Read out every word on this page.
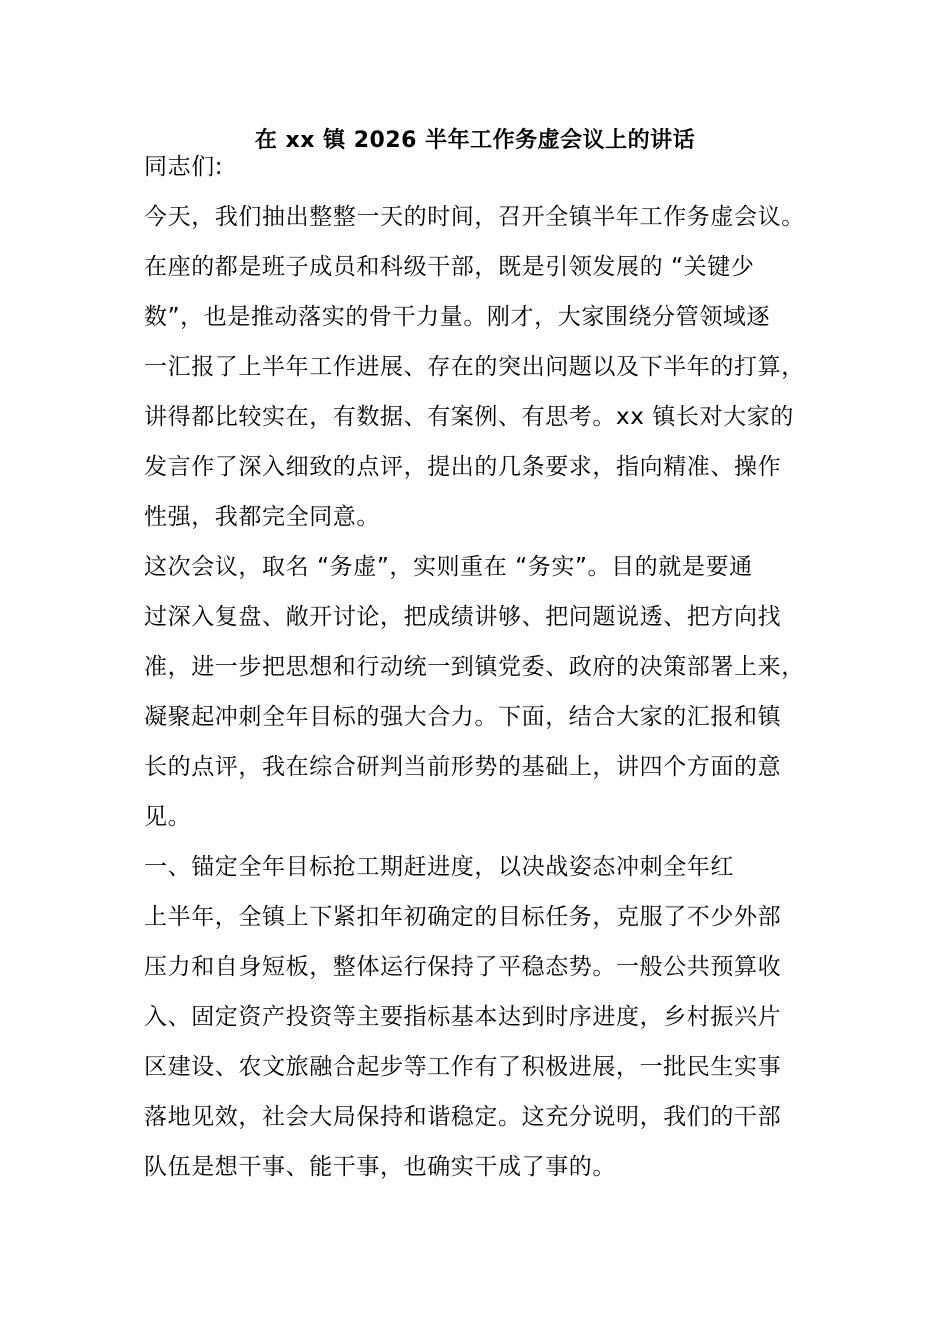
在 xx 镇 2026 半年工作务虚会议上的讲话
同志们:
今天，我们抽出整整一天的时间，召开全镇半年工作务虚会议。
在座的都是班子成员和科级干部，既是引领发展的 “关键少
数”，也是推动落实的骨干力量。刚才，大家围绕分管领域逐
一汇报了上半年工作进展、存在的突出问题以及下半年的打算，
讲得都比较实在，有数据、有案例、有思考。xx 镇长对大家的
发言作了深入细致的点评，提出的几条要求，指向精准、操作
性强，我都完全同意。
这次会议，取名 “务虚”，实则重在 “务实”。目的就是要通
过深入复盘、敞开讨论，把成绩讲够、把问题说透、把方向找
准，进一步把思想和行动统一到镇党委、政府的决策部署上来，
凝聚起冲刺全年目标的强大合力。下面，结合大家的汇报和镇
长的点评，我在综合研判当前形势的基础上，讲四个方面的意
见。
一、锚定全年目标抢工期赶进度，以决战姿态冲刺全年红
上半年，全镇上下紧扣年初确定的目标任务，克服了不少外部
压力和自身短板，整体运行保持了平稳态势。一般公共预算收
入、固定资产投资等主要指标基本达到时序进度，乡村振兴片
区建设、农文旅融合起步等工作有了积极进展，一批民生实事
落地见效，社会大局保持和谐稳定。这充分说明，我们的干部
队伍是想干事、能干事，也确实干成了事的。
